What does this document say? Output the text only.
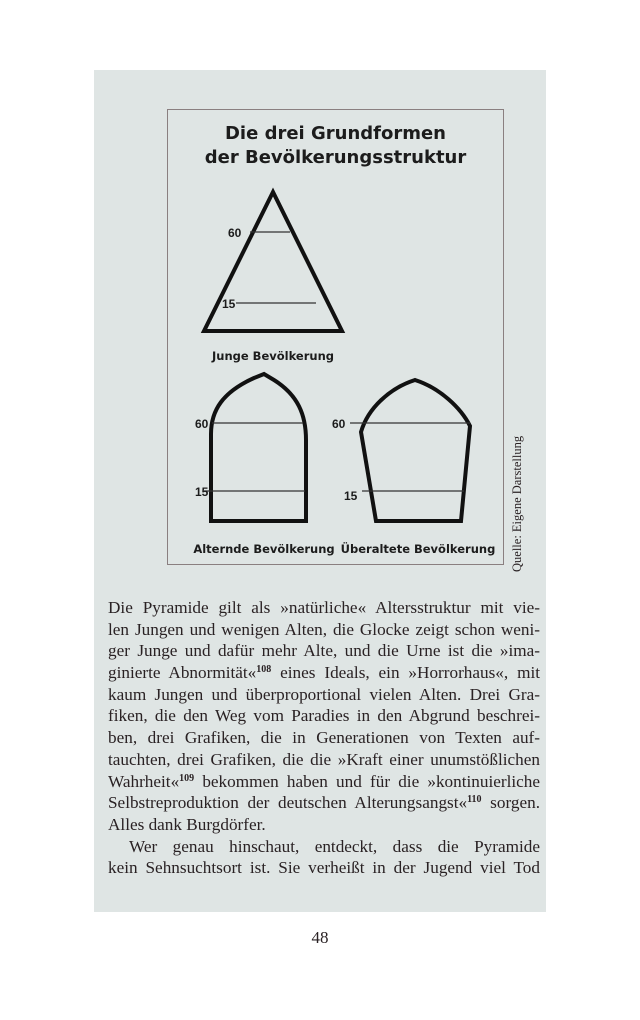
Die drei Grundformen
der Bevölkerungsstruktur
60
15
Junge Bevölkerung
60
15
Alternde Bevölkerung
60
15
Überaltete Bevölkerung Quelle: Eigene Darstellung
Die Pyramide gilt als »natürliche« Altersstruktur mit vie-
len Jungen und wenigen Alten, die Glocke zeigt schon weni-
ger Junge und dafür mehr Alte, und die Urne ist die »ima-
ginierte Abnormität«$^{108}$ eines Ideals, ein »Horrorhaus«, mit
kaum Jungen und überproportional vielen Alten. Drei Gra-
fiken, die den Weg vom Paradies in den Abgrund beschrei-
ben, drei Grafiken, die in Generationen von Texten auf-
tauchten, drei Grafiken, die die »Kraft einer unumstößlichen
Wahrheit«$^{109}$ bekommen haben und für die »kontinuierliche
Selbstreproduktion der deutschen Alterungsangst«$^{110}$ sorgen.
Alles dank Burgdörfer.
Wer genau hinschaut, entdeckt, dass die Pyramide
kein Sehnsuchtsort ist. Sie verheißt in der Jugend viel Tod
48
